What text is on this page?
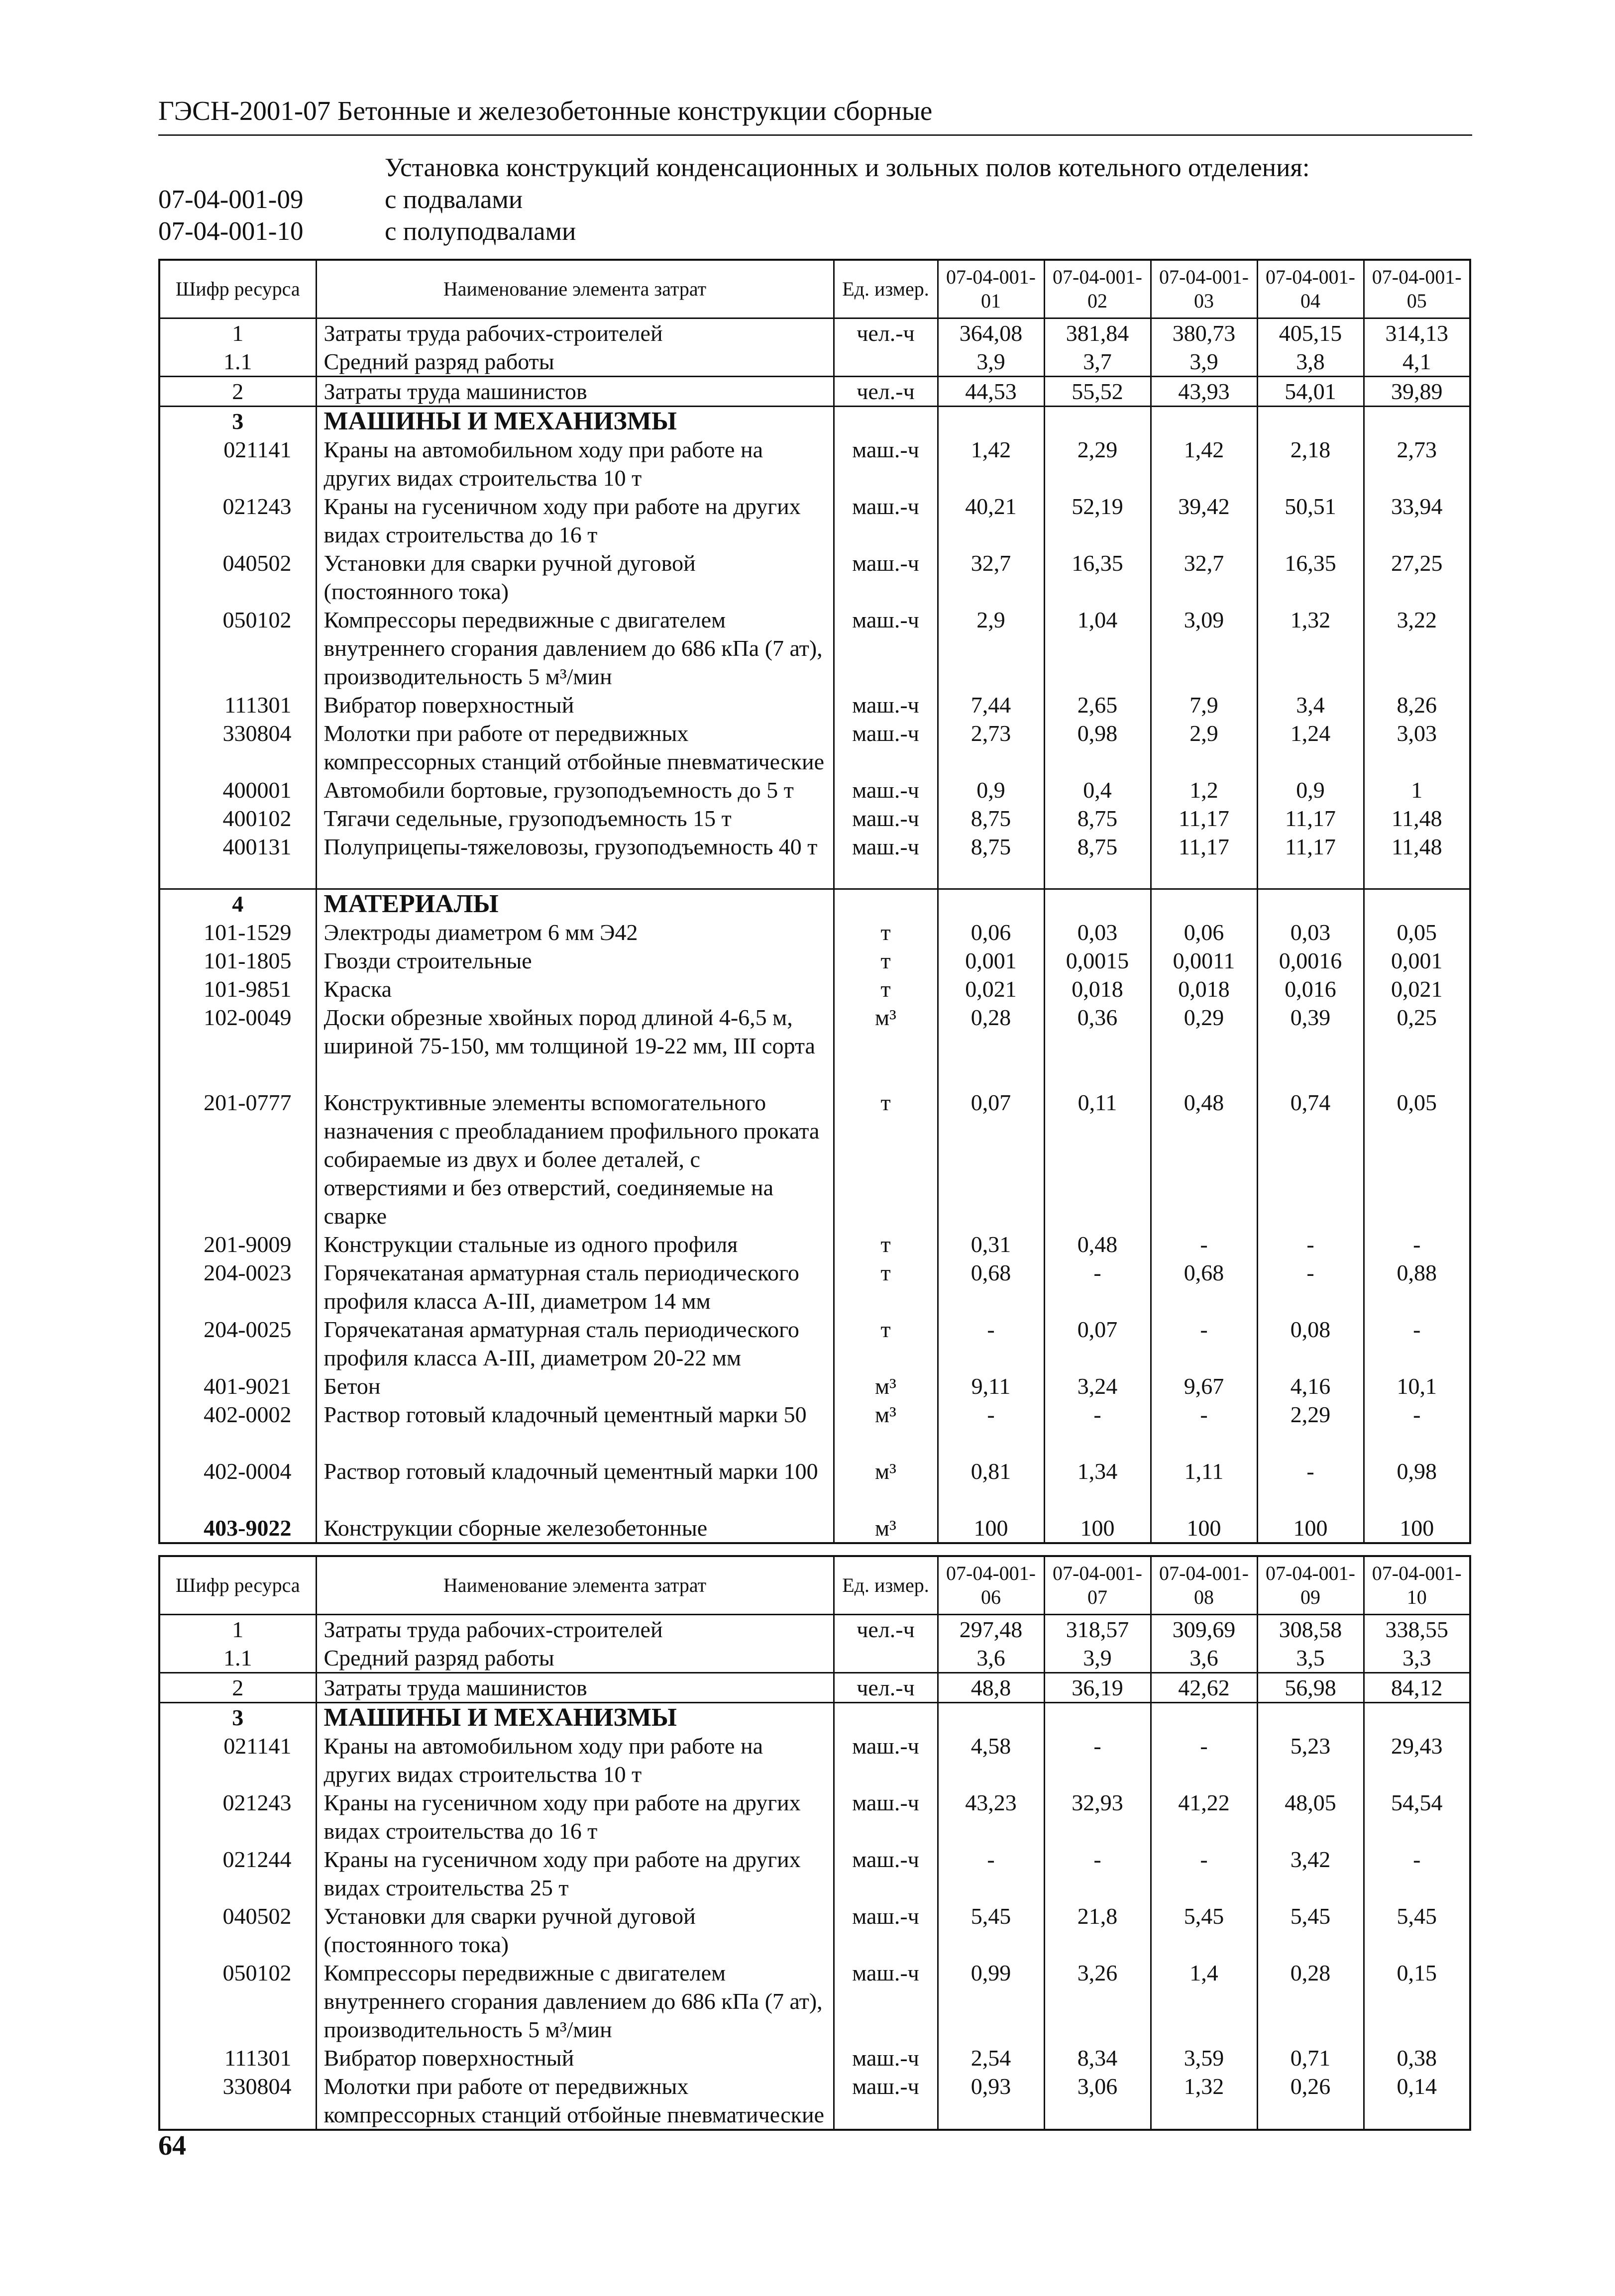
ГЭСН-2001-07 Бетонные и железобетонные конструкции сборные
Установка конструкций конденсационных и зольных полов котельного отделения:
07-04-001-09	с подвалами
07-04-001-10	с полуподвалами
Шифр ресурса	Наименование элемента затрат	Ед. измер.	07-04-001-01	07-04-001-02	07-04-001-03	07-04-001-04	07-04-001-05
1	Затраты труда рабочих-строителей	чел.-ч	364,08	381,84	380,73	405,15	314,13
1.1	Средний разряд работы		3,9	3,7	3,9	3,8	4,1
2	Затраты труда машинистов	чел.-ч	44,53	55,52	43,93	54,01	39,89
3	МАШИНЫ И МЕХАНИЗМЫ						
021141	Краны на автомобильном ходу при работе на других видах строительства 10 т	маш.-ч	1,42	2,29	1,42	2,18	2,73
021243	Краны на гусеничном ходу при работе на других видах строительства до 16 т	маш.-ч	40,21	52,19	39,42	50,51	33,94
040502	Установки для сварки ручной дуговой (постоянного тока)	маш.-ч	32,7	16,35	32,7	16,35	27,25
050102	Компрессоры передвижные с двигателем внутреннего сгорания давлением до 686 кПа (7 ат), производительность 5 м³/мин	маш.-ч	2,9	1,04	3,09	1,32	3,22
111301	Вибратор поверхностный	маш.-ч	7,44	2,65	7,9	3,4	8,26
330804	Молотки при работе от передвижных компрессорных станций отбойные пневматические	маш.-ч	2,73	0,98	2,9	1,24	3,03
400001	Автомобили бортовые, грузоподъемность до 5 т	маш.-ч	0,9	0,4	1,2	0,9	1
400102	Тягачи седельные, грузоподъемность 15 т	маш.-ч	8,75	8,75	11,17	11,17	11,48
400131	Полуприцепы-тяжеловозы, грузоподъемность 40 т	маш.-ч	8,75	8,75	11,17	11,17	11,48
4	МАТЕРИАЛЫ						
101-1529	Электроды диаметром 6 мм Э42	т	0,06	0,03	0,06	0,03	0,05
101-1805	Гвозди строительные	т	0,001	0,0015	0,0011	0,0016	0,001
101-9851	Краска	т	0,021	0,018	0,018	0,016	0,021
102-0049	Доски обрезные хвойных пород длиной 4-6,5 м, шириной 75-150, мм толщиной 19-22 мм, III сорта	м³	0,28	0,36	0,29	0,39	0,25
201-0777	Конструктивные элементы вспомогательного назначения с преобладанием профильного проката собираемые из двух и более деталей, с отверстиями и без отверстий, соединяемые на сварке	т	0,07	0,11	0,48	0,74	0,05
201-9009	Конструкции стальные из одного профиля	т	0,31	0,48	-	-	-
204-0023	Горячекатаная арматурная сталь периодического профиля класса А-III, диаметром 14 мм	т	0,68	-	0,68	-	0,88
204-0025	Горячекатаная арматурная сталь периодического профиля класса А-III, диаметром 20-22 мм	т	-	0,07	-	0,08	-
401-9021	Бетон	м³	9,11	3,24	9,67	4,16	10,1
402-0002	Раствор готовый кладочный цементный марки 50	м³	-	-	-	2,29	-
402-0004	Раствор готовый кладочный цементный марки 100	м³	0,81	1,34	1,11	-	0,98
403-9022	Конструкции сборные железобетонные	м³	100	100	100	100	100
Шифр ресурса	Наименование элемента затрат	Ед. измер.	07-04-001-06	07-04-001-07	07-04-001-08	07-04-001-09	07-04-001-10
1	Затраты труда рабочих-строителей	чел.-ч	297,48	318,57	309,69	308,58	338,55
1.1	Средний разряд работы		3,6	3,9	3,6	3,5	3,3
2	Затраты труда машинистов	чел.-ч	48,8	36,19	42,62	56,98	84,12
3	МАШИНЫ И МЕХАНИЗМЫ						
021141	Краны на автомобильном ходу при работе на других видах строительства 10 т	маш.-ч	4,58	-	-	5,23	29,43
021243	Краны на гусеничном ходу при работе на других видах строительства до 16 т	маш.-ч	43,23	32,93	41,22	48,05	54,54
021244	Краны на гусеничном ходу при работе на других видах строительства 25 т	маш.-ч	-	-	-	3,42	-
040502	Установки для сварки ручной дуговой (постоянного тока)	маш.-ч	5,45	21,8	5,45	5,45	5,45
050102	Компрессоры передвижные с двигателем внутреннего сгорания давлением до 686 кПа (7 ат), производительность 5 м³/мин	маш.-ч	0,99	3,26	1,4	0,28	0,15
111301	Вибратор поверхностный	маш.-ч	2,54	8,34	3,59	0,71	0,38
330804	Молотки при работе от передвижных компрессорных станций отбойные пневматические	маш.-ч	0,93	3,06	1,32	0,26	0,14
64
